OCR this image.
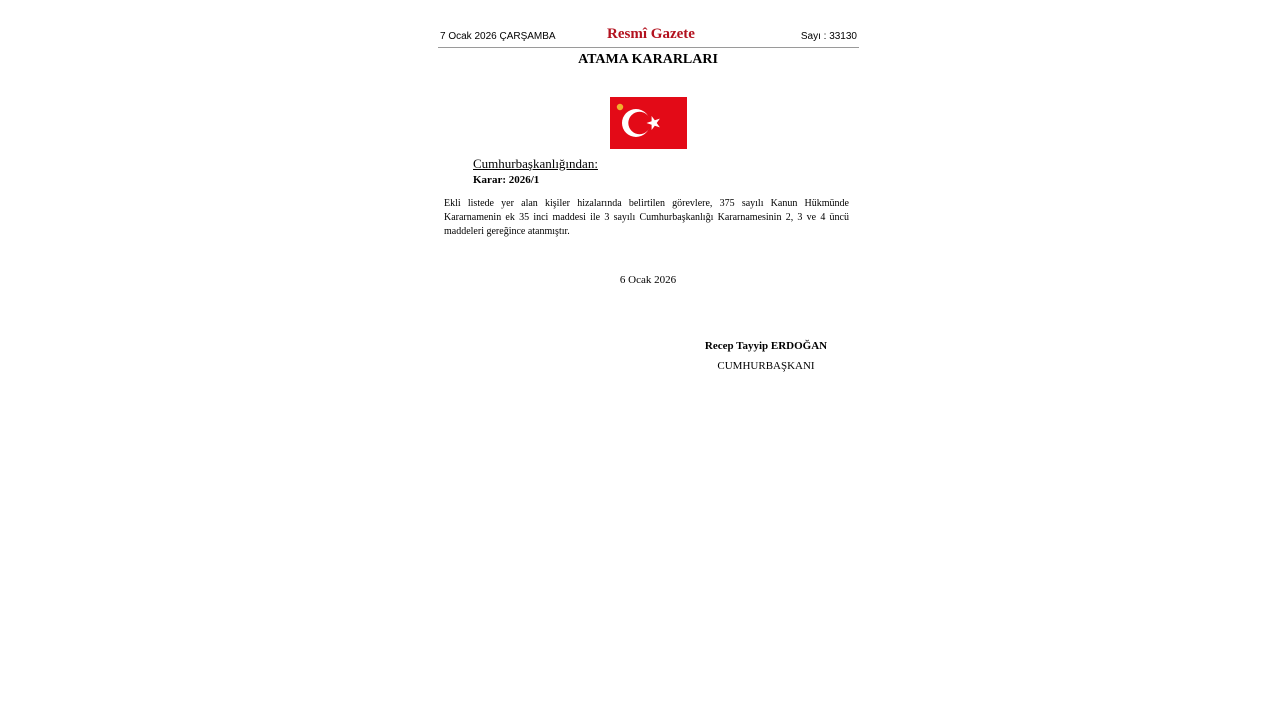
7 Ocak 2026 ÇARŞAMBA	Resmî Gazete	Sayı : 33130
ATAMA KARARLARI
Cumhurbaşkanlığından:
Karar: 2026/1
Ekli listede yer alan kişiler hizalarında belirtilen görevlere, 375 sayılı Kanun Hükmünde Kararnamenin ek 35 inci maddesi ile 3 sayılı Cumhurbaşkanlığı Kararnamesinin 2, 3 ve 4 üncü maddeleri gereğince atanmıştır.
6 Ocak 2026
Recep Tayyip ERDOĞAN
CUMHURBAŞKANI
